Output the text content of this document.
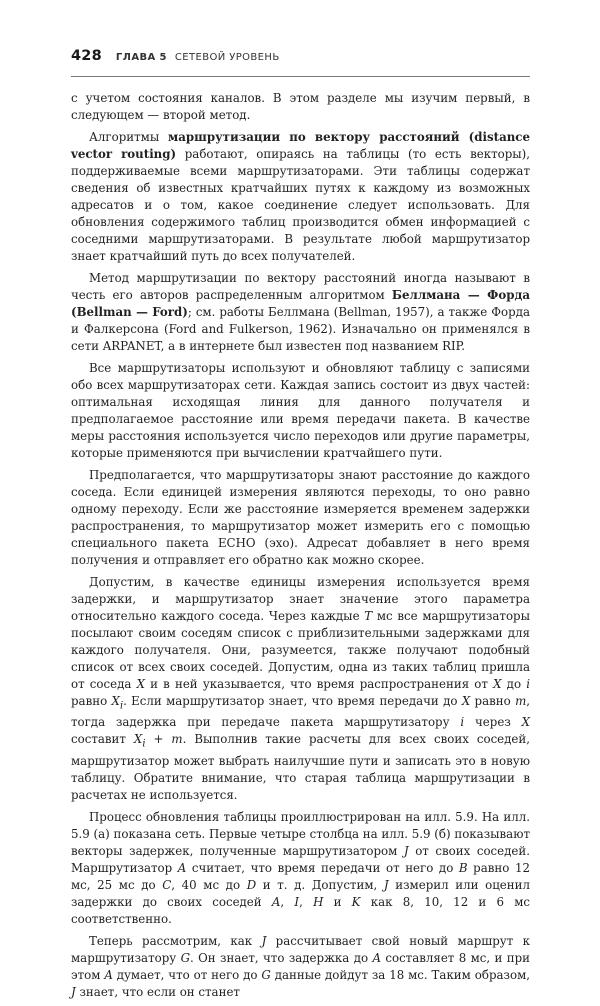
428 ГЛАВА 5 СЕТЕВОЙ УРОВЕНЬ

с учетом состояния каналов. В этом разделе мы изучим первый, в следующем — второй метод.

Алгоритмы маршрутизации по вектору расстояний (distance vector routing) работают, опираясь на таблицы (то есть векторы), поддерживаемые всеми маршрутизаторами. Эти таблицы содержат сведения об известных кратчайших путях к каждому из возможных адресатов и о том, какое соединение следует использовать. Для обновления содержимого таблиц производится обмен информацией с соседними маршрутизаторами. В результате любой маршрутизатор знает кратчайший путь до всех получателей.

Метод маршрутизации по вектору расстояний иногда называют в честь его авторов распределенным алгоритмом Беллмана — Форда (Bellman — Ford); см. работы Беллмана (Bellman, 1957), а также Форда и Фалкерсона (Ford and Fulkerson, 1962). Изначально он применялся в сети ARPANET, а в интернете был известен под названием RIP.

Все маршрутизаторы используют и обновляют таблицу с записями обо всех маршрутизаторах сети. Каждая запись состоит из двух частей: оптимальная исходящая линия для данного получателя и предполагаемое расстояние или время передачи пакета. В качестве меры расстояния используется число переходов или другие параметры, которые применяются при вычислении кратчайшего пути.

Предполагается, что маршрутизаторы знают расстояние до каждого соседа. Если единицей измерения являются переходы, то оно равно одному переходу. Если же расстояние измеряется временем задержки распространения, то маршрутизатор может измерить его с помощью специального пакета ECHO (эхо). Адресат добавляет в него время получения и отправляет его обратно как можно скорее.

Допустим, в качестве единицы измерения используется время задержки, и маршрутизатор знает значение этого параметра относительно каждого соседа. Через каждые T мс все маршрутизаторы посылают своим соседям список с приблизительными задержками для каждого получателя. Они, разумеется, также получают подобный список от всех своих соседей. Допустим, одна из таких таблиц пришла от соседа X и в ней указывается, что время распространения от X до i равно $X_i$. Если маршрутизатор знает, что время передачи до X равно m, тогда задержка при передаче пакета маршрутизатору i через X составит $X_i + m$. Выполнив такие расчеты для всех своих соседей, маршрутизатор может выбрать наилучшие пути и записать это в новую таблицу. Обратите внимание, что старая таблица маршрутизации в расчетах не используется.

Процесс обновления таблицы проиллюстрирован на илл. 5.9. На илл. 5.9 (а) показана сеть. Первые четыре столбца на илл. 5.9 (б) показывают векторы задержек, полученные маршрутизатором J от своих соседей. Маршрутизатор A считает, что время передачи от него до B равно 12 мс, 25 мс до C, 40 мс до D и т. д. Допустим, J измерил или оценил задержки до своих соседей A, I, H и K как 8, 10, 12 и 6 мс соответственно.

Теперь рассмотрим, как J рассчитывает свой новый маршрут к маршрутизатору G. Он знает, что задержка до A составляет 8 мс, и при этом A думает, что от него до G данные дойдут за 18 мс. Таким образом, J знает, что если он станет
